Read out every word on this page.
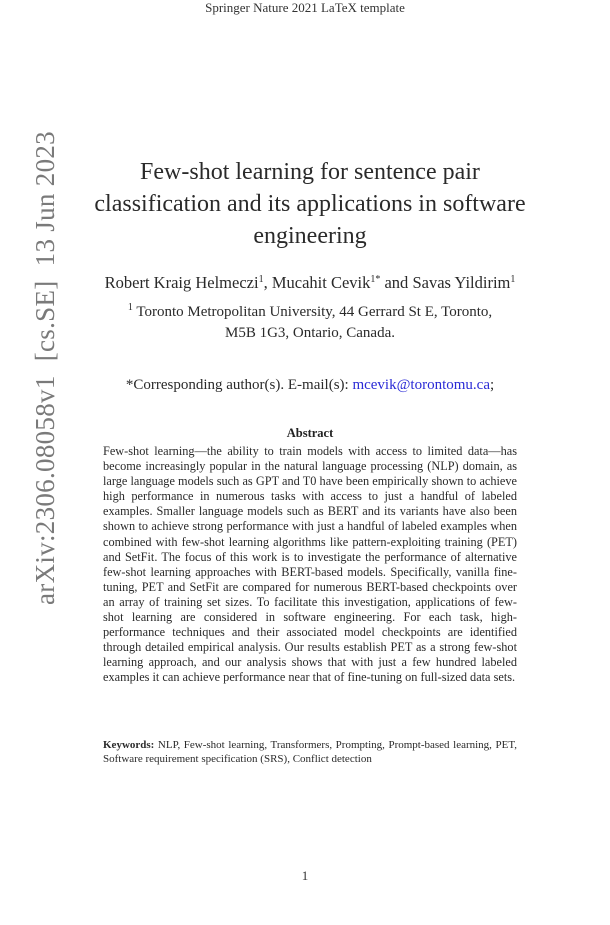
Springer Nature 2021 LaTeX template
arXiv:2306.08058v1  [cs.SE]  13 Jun 2023	Few-shot learning for sentence pair classification and its applications in software engineering
Robert Kraig Helmeczi$^1$, Mucahit Cevik$^{1*}$ and Savas Yildirim$^1$
$^1$ Toronto Metropolitan University, 44 Gerrard St E, Toronto,
M5B 1G3, Ontario, Canada.
*Corresponding author(s). E-mail(s): mcevik@torontomu.ca;
Abstract
Few-shot learning—the ability to train models with access to limited data—has become increasingly popular in the natural language processing (NLP) domain, as large language models such as GPT and T0 have been empirically shown to achieve high performance in numerous tasks with access to just a handful of labeled examples. Smaller language models such as BERT and its variants have also been shown to achieve strong performance with just a handful of labeled examples when combined with few-shot learning algorithms like pattern-exploiting training (PET) and SetFit. The focus of this work is to investigate the performance of alternative few-shot learning approaches with BERT-based models. Specifically, vanilla fine-tuning, PET and SetFit are compared for numerous BERT-based checkpoints over an array of training set sizes. To facilitate this investigation, applications of few-shot learning are considered in software engineering. For each task, high-performance techniques and their associated model checkpoints are identified through detailed empirical analysis. Our results establish PET as a strong few-shot learning approach, and our analysis shows that with just a few hundred labeled examples it can achieve performance near that of fine-tuning on full-sized data sets.
Keywords: NLP, Few-shot learning, Transformers, Prompting, Prompt-based learning, PET, Software requirement specification (SRS), Conflict detection
1
